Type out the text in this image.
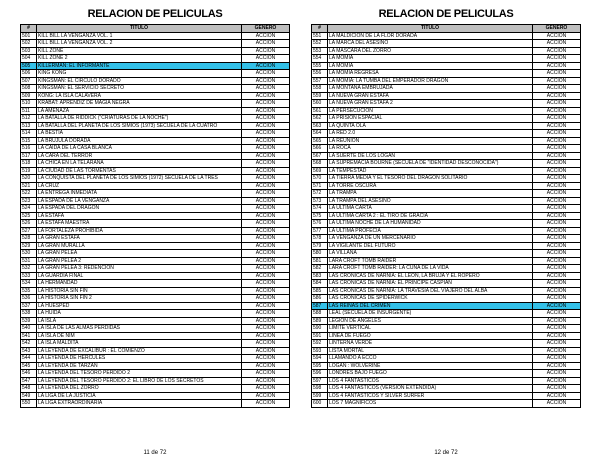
RELACION DE PELICULAS
#	TITULO	GENERO
501	KILL BILL LA VENGANZA VOL. 1	ACCION
502	KILL BILL LA VENGANZA VOL. 2	ACCION
503	KILL ZONE	ACCION
504	KILL ZONE 2	ACCION
505	KILLERMAN: EL INFORMANTE	ACCION
506	KING KONG	ACCION
507	KINGSMAN: EL CIRCULO DORADO	ACCION
508	KINGSMAN: EL SERVICIO SECRETO	ACCION
509	KONG: LA ISLA CALAVERA	ACCION
510	KRABAT: APRENDIZ DE MAGIA NEGRA	ACCION
511	LA AMENAZA	ACCION
512	LA BATALLA DE RIDDICK ("CRIATURAS DE LA NOCHE")	ACCION
513	LA BATALLA DEL PLANETA DE LOS SIMIOS (1973) SECUELA DE LA CUATRO	ACCION
514	LA BESTIA	ACCION
515	LA BRUJULA DORADA	ACCION
516	LA CAIDA DE LA CASA BLANCA	ACCION
517	LA CARA DEL TERROR	ACCION
518	LA CHICA EN LA TELARAÑA	ACCION
519	LA CIUDAD DE LAS TORMENTAS	ACCION
520	LA CONQUISTA DEL PLANETA DE LOS SIMIOS (1972) SECUELA DE LA TRES	ACCION
521	LA CRUZ	ACCION
522	LA ENTREGA INMEDIATA	ACCION
523	LA ESPADA DE LA VENGANZA	ACCION
524	LA ESPADA DEL DRAGON	ACCION
525	LA ESTAFA	ACCION
526	LA ESTAFA MAESTRA	ACCION
527	LA FORTALEZA PROHIBIDA	ACCION
528	LA GRAN ESTAFA	ACCION
529	LA GRAN MURALLA	ACCION
530	LA GRAN PELEA	ACCION
531	LA GRAN PELEA 2	ACCION
532	LA GRAN PELEA 3: REDENCION	ACCION
533	LA GUARDIA FINAL	ACCION
534	LA HERMANDAD	ACCION
535	LA HISTORIA SIN FIN	ACCION
536	LA HISTORIA SIN FIN 2	ACCION
537	LA HUESPED	ACCION
538	LA HUIDA	ACCION
539	LA ISLA	ACCION
540	LA ISLA DE LAS ALMAS PERDIDAS	ACCION
541	LA ISLA DE NIM	ACCION
542	LA ISLA MALDITA	ACCION
543	LA LEYENDA DE EXCALIBUR : EL COMIENZO	ACCION
544	LA LEYENDA DE HERCULES	ACCION
545	LA LEYENDA DE TARZAN	ACCION
546	LA LEYENDA DEL TESORO PERDIDO 2	ACCION
547	LA LEYENDA DEL TESORO PERDIDO 2: EL LIBRO DE LOS SECRETOS	ACCION
548	LA LEYENDA DEL ZORRO	ACCION
549	LA LIGA DE LA JUSTICIA	ACCION
550	LA LIGA EXTRAORDINARIA	ACCION
11 de 72
RELACION DE PELICULAS
#	TITULO	GENERO
551	LA MALDICION DE LA FLOR DORADA	ACCION
552	LA MARCA DEL ASESINO	ACCION
553	LA MASCARA DEL ZORRO	ACCION
554	LA MOMIA	ACCION
555	LA MOMIA	ACCION
556	LA MOMIA REGRESA	ACCION
557	LA MOMIA: LA TUMBA DEL EMPERADOR DRAGON	ACCION
558	LA MONTAÑA EMBRUJADA	ACCION
559	LA NUEVA GRAN ESTAFA	ACCION
560	LA NUEVA GRAN ESTAFA 2	ACCION
561	LA PERSECUCION	ACCION
562	LA PRISION ESPACIAL	ACCION
563	LA QUINTA OLA	ACCION
564	LA RED 2.0	ACCION
565	LA REUNION	ACCION
566	LA ROCA	ACCION
567	LA SUERTE DE LOS LOGAN	ACCION
568	LA SUPREMACIA BOURNE (SECUELA DE "IDENTIDAD DESCONOCIDA")	ACCION
569	LA TEMPESTAD	ACCION
570	LA TIERRA MEDIA Y EL TESORO DEL DRAGON SOLITARIO	ACCION
571	LA TORRE OSCURA	ACCION
572	LA TRAMPA	ACCION
573	LA TRAMPA DEL ASESINO	ACCION
574	LA ULTIMA CARTA	ACCION
575	LA ULTIMA CARTA 2 : EL TIRO DE GRACIA	ACCION
576	LA ULTIMA NOCHE DE LA HUMANIDAD	ACCION
577	LA ULTIMA PROFECIA	ACCION
578	LA VENGANZA DE UN MERCENARIO	ACCION
579	LA VIGILANTE DEL FUTURO	ACCION
580	LA VILLANA	ACCION
581	LARA CROFT TOMB RAIDER	ACCION
582	LARA CROFT TOMB RAIDER: LA CUNA DE LA VIDA	ACCION
583	LAS CRONICAS DE NARNIA: EL LEON, LA BRUJA Y EL ROPERO	ACCION
584	LAS CRONICAS DE NARNIA: EL PRINCIPE CASPIAN	ACCION
585	LAS CRONICAS DE NARNIA: LA TRAVESIA DEL VIAJERO DEL ALBA	ACCION
586	LAS CRONICAS DE SPIDERWICK	ACCION
587	LAS REINAS DEL CRIMEN	ACCION
588	LEAL (SECUELA DE INSURGENTE)	ACCION
589	LEGION DE ANGELES	ACCION
590	LIMITE VERTICAL	ACCION
591	LINEA DE FUEGO	ACCION
592	LINTERNA VERDE	ACCION
593	LISTA MORTAL	ACCION
594	LLAMANDO A ECCO	ACCION
595	LOGAN : WOLVERINE	ACCION
596	LONDRES BAJO FUEGO	ACCION
597	LOS 4 FANTASTICOS	ACCION
598	LOS 4 FANTASTICOS (VERSION EXTENDIDA)	ACCION
599	LOS 4 FANTASTICOS Y SILVER SURFER	ACCION
600	LOS 7 MAGNIFICOS	ACCION
12 de 72
